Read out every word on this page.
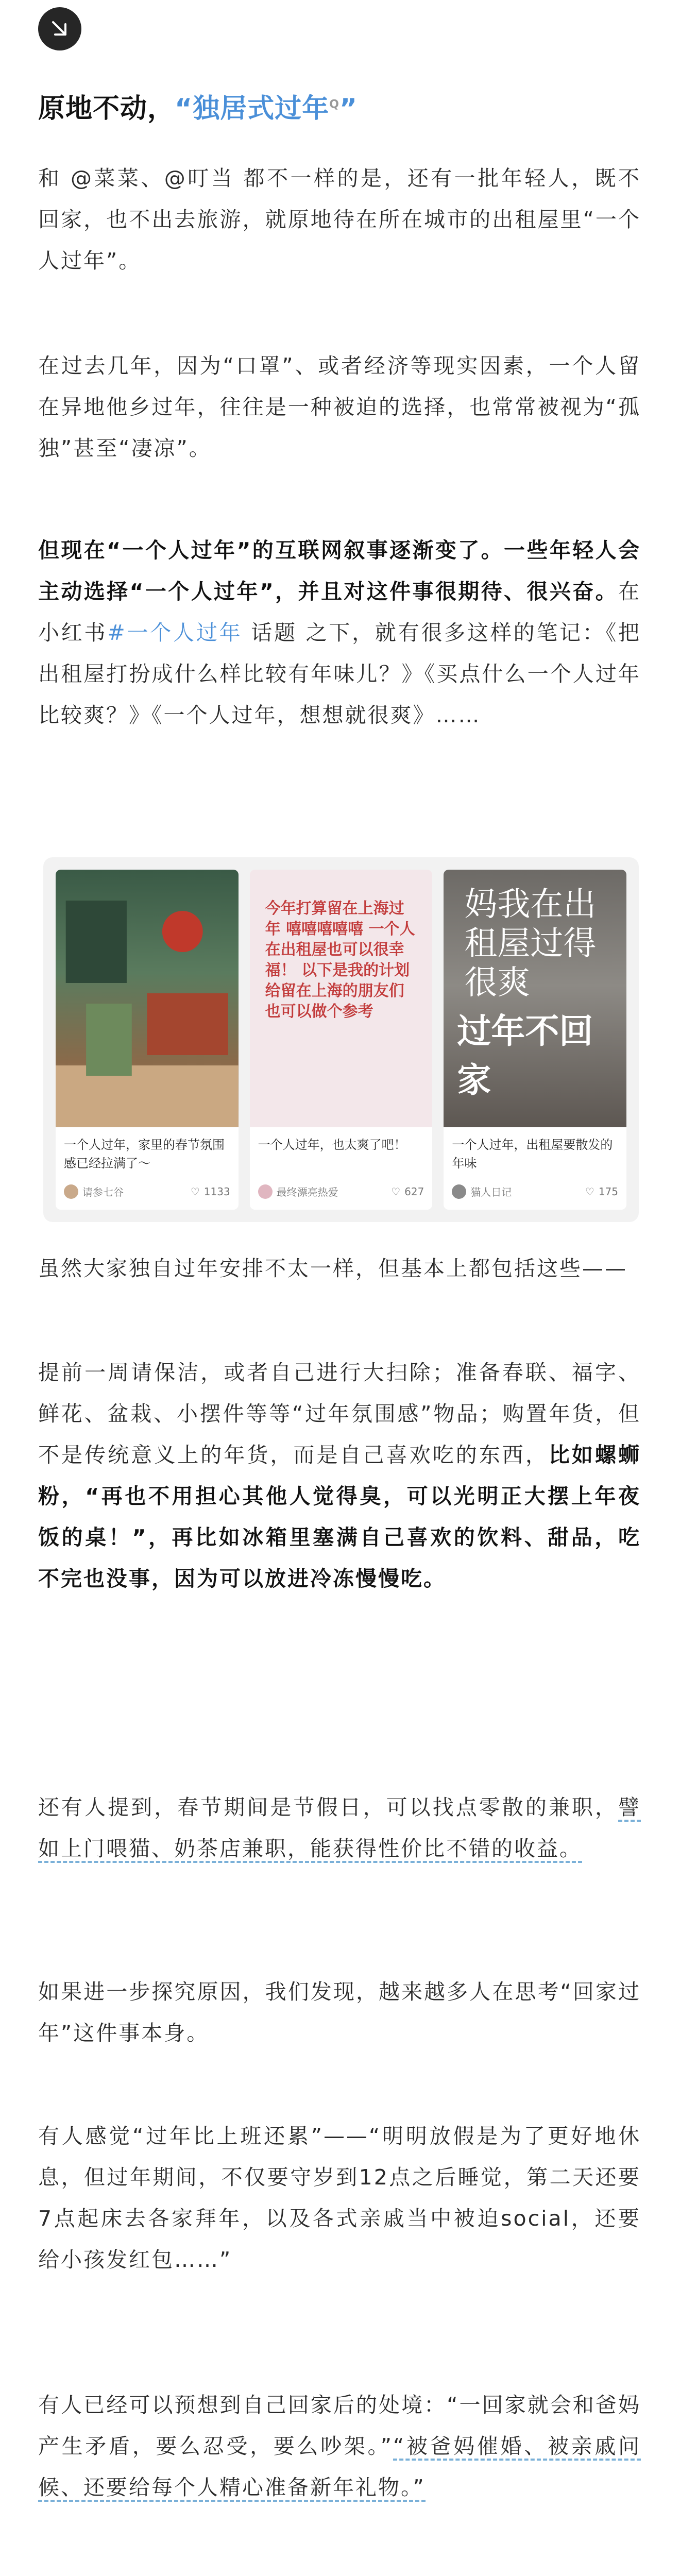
原地不动，“独居式过年$^Q$”
和 @菜菜、@叮当 都不一样的是，还有一批年轻人，既不回家，也不出去旅游，就原地待在所在城市的出租屋里“一个人过年”。
在过去几年，因为“口罩”、或者经济等现实因素，一个人留在异地他乡过年，往往是一种被迫的选择，也常常被视为“孤独”甚至“凄凉”。
但现在“一个人过年”的互联网叙事逐渐变了。一些年轻人会主动选择“一个人过年”，并且对这件事很期待、很兴奋。在小红书#一个人过年 话题 之下，就有很多这样的笔记：《把出租屋打扮成什么样比较有年味儿？》《买点什么一个人过年比较爽？》《一个人过年，想想就很爽》……
一个人过年，家里的春节氛围感已经拉满了～
请参七谷	♡ 1133
今年打算留在上海过年 嘻嘻嘻嘻嘻 一个人在出租屋也可以很幸福！ 以下是我的计划 给留在上海的朋友们也可以做个参考
一个人过年，也太爽了吧！
最终漂亮热爱	♡ 627
妈我在出租屋过得很爽
过年不回家
一个人过年，出租屋要散发的年味
猫人日记	♡ 175
虽然大家独自过年安排不太一样，但基本上都包括这些——
提前一周请保洁，或者自己进行大扫除；准备春联、福字、鲜花、盆栽、小摆件等等“过年氛围感”物品；购置年货，但不是传统意义上的年货，而是自己喜欢吃的东西，比如螺蛳粉，“再也不用担心其他人觉得臭，可以光明正大摆上年夜饭的桌！”，再比如冰箱里塞满自己喜欢的饮料、甜品，吃不完也没事，因为可以放进冷冻慢慢吃。
还有人提到，春节期间是节假日，可以找点零散的兼职，譬如上门喂猫、奶茶店兼职，能获得性价比不错的收益。
如果进一步探究原因，我们发现，越来越多人在思考“回家过年”这件事本身。
有人感觉“过年比上班还累”——“明明放假是为了更好地休息，但过年期间，不仅要守岁到12点之后睡觉，第二天还要7点起床去各家拜年，以及各式亲戚当中被迫social，还要给小孩发红包……”
有人已经可以预想到自己回家后的处境：“一回家就会和爸妈产生矛盾，要么忍受，要么吵架。”“被爸妈催婚、被亲戚问候、还要给每个人精心准备新年礼物。”
